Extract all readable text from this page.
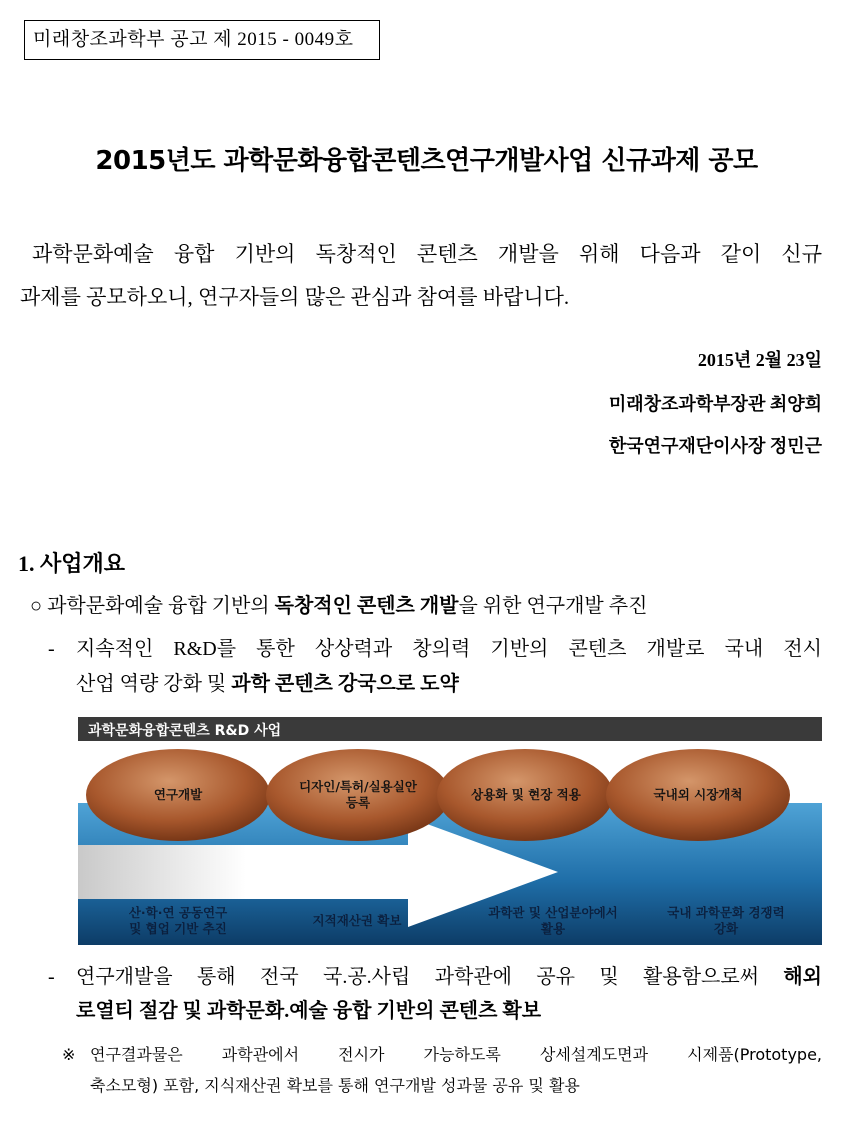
미래창조과학부 공고 제 2015 - 0049호
2015년도 과학문화융합콘텐츠연구개발사업 신규과제 공모
과학문화예술 융합 기반의 독창적인 콘텐츠 개발을 위해 다음과 같이 신규
과제를 공모하오니, 연구자들의 많은 관심과 참여를 바랍니다.
2015년 2월 23일
미래창조과학부장관 최양희
한국연구재단이사장 정민근
1. 사업개요
○ 과학문화예술 융합 기반의 독창적인 콘텐츠 개발을 위한 연구개발 추진
- 지속적인 R&D를 통한 상상력과 창의력 기반의 콘텐츠 개발로 국내 전시
산업 역량 강화 및 과학 콘텐츠 강국으로 도약
과학문화융합콘텐츠 R&D 사업
연구개발
디자인/특허/실용실안
등록
상용화 및 현장 적용	국내외 시장개척
산·학·연 공동연구
및 협업 기반 추진
지적재산권 확보
과학관 및 산업분야에서
활용
국내 과학문화 경쟁력
강화
- 연구개발을 통해 전국 국.공.사립 과학관에 공유 및 활용함으로써 해외
로열티 절감 및 과학문화.예술 융합 기반의 콘텐츠 확보
※ 연구결과물은 과학관에서 전시가 가능하도록 상세설계도면과 시제품(Prototype,
축소모형) 포함, 지식재산권 확보를 통해 연구개발 성과물 공유 및 활용
